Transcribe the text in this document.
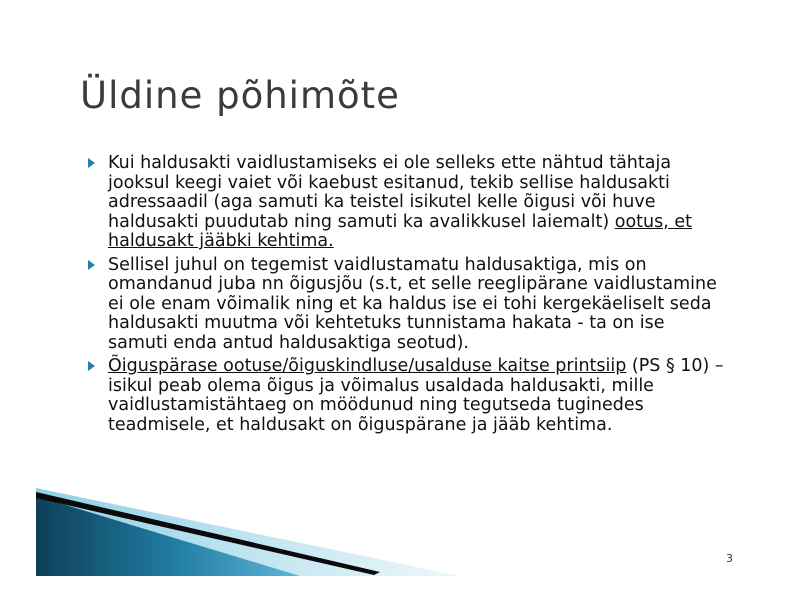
Üldine põhimõte
Kui haldusakti vaidlustamiseks ei ole selleks ette nähtud tähtaja jooksul keegi vaiet või kaebust esitanud, tekib sellise haldusakti adressaadil (aga samuti ka teistel isikutel kelle õigusi või huve haldusakti puudutab ning samuti ka avalikkusel laiemalt) ootus, et haldusakt jääbki kehtima.
Sellisel juhul on tegemist vaidlustamatu haldusaktiga, mis on omandanud juba nn õigusjõu (s.t, et selle reeglipärane vaidlustamine ei ole enam võimalik ning et ka haldus ise ei tohi kergekäeliselt seda haldusakti muutma või kehtetuks tunnistama hakata - ta on ise samuti enda antud haldusaktiga seotud).
Õiguspärase ootuse/õiguskindluse/usalduse kaitse printsiip (PS § 10) – isikul peab olema õigus ja võimalus usaldada haldusakti, mille vaidlustamistähtaeg on möödunud ning tegutseda tuginedes teadmisele, et haldusakt on õiguspärane ja jääb kehtima.
3
